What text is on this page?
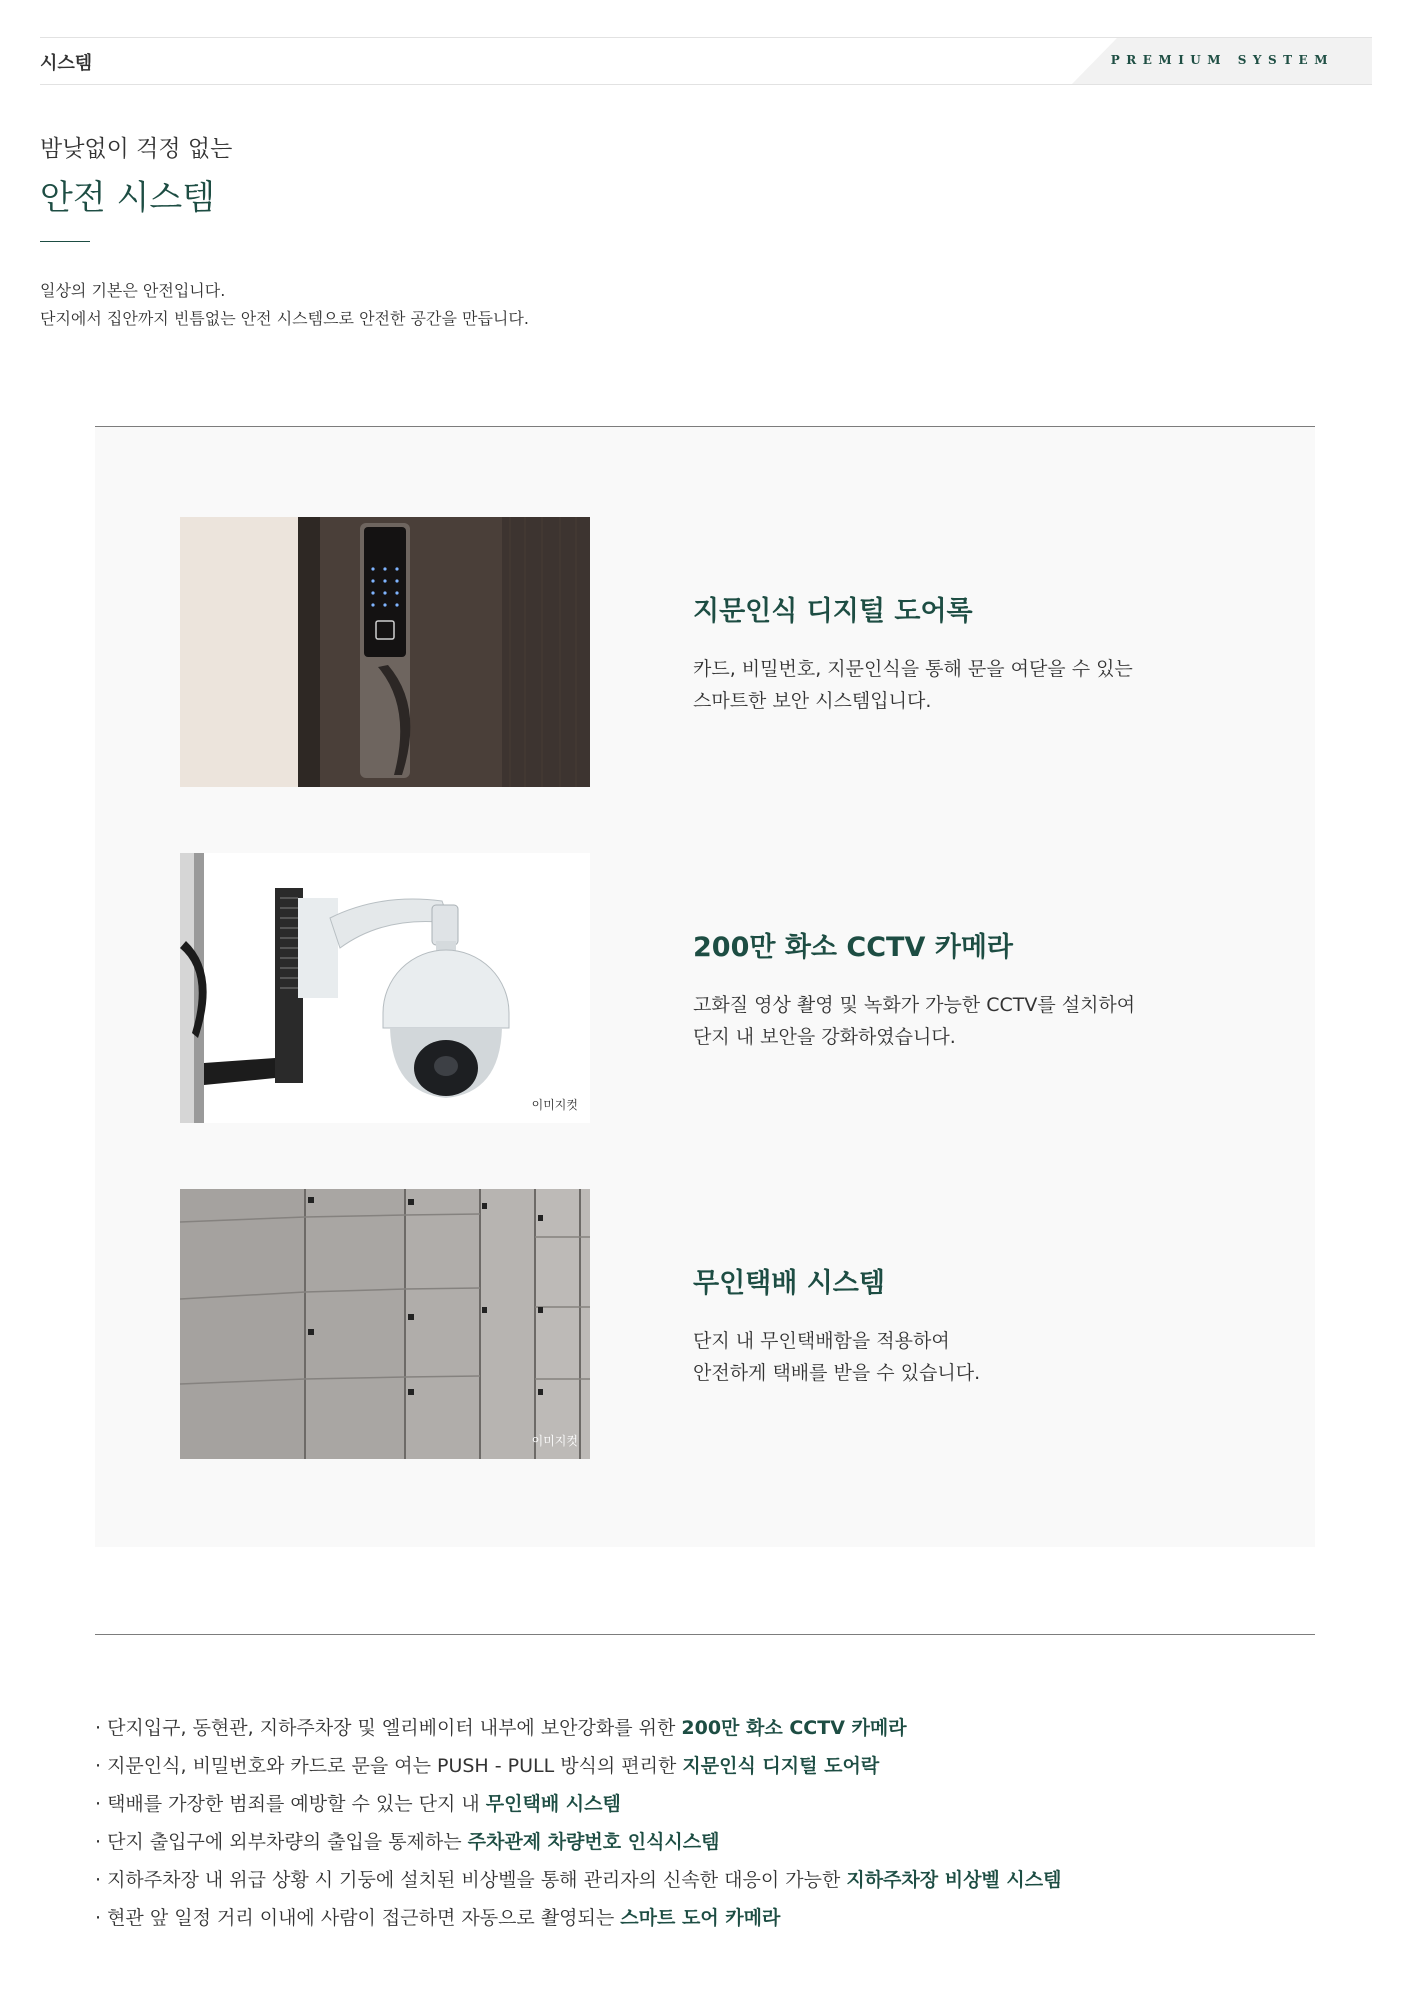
시스템	PREMIUM SYSTEM
밤낮없이 걱정 없는
안전 시스템
일상의 기본은 안전입니다.
단지에서 집안까지 빈틈없는 안전 시스템으로 안전한 공간을 만듭니다.
지문인식 디지털 도어록
카드, 비밀번호, 지문인식을 통해 문을 여닫을 수 있는
스마트한 보안 시스템입니다.
이미지컷
200만 화소 CCTV 카메라
고화질 영상 촬영 및 녹화가 가능한 CCTV를 설치하여
단지 내 보안을 강화하였습니다.
이미지컷
무인택배 시스템
단지 내 무인택배함을 적용하여
안전하게 택배를 받을 수 있습니다.
· 단지입구, 동현관, 지하주차장 및 엘리베이터 내부에 보안강화를 위한 200만 화소 CCTV 카메라
· 지문인식, 비밀번호와 카드로 문을 여는 PUSH - PULL 방식의 편리한 지문인식 디지털 도어락
· 택배를 가장한 범죄를 예방할 수 있는 단지 내 무인택배 시스템
· 단지 출입구에 외부차량의 출입을 통제하는 주차관제 차량번호 인식시스템
· 지하주차장 내 위급 상황 시 기둥에 설치된 비상벨을 통해 관리자의 신속한 대응이 가능한 지하주차장 비상벨 시스템
· 현관 앞 일정 거리 이내에 사람이 접근하면 자동으로 촬영되는 스마트 도어 카메라
